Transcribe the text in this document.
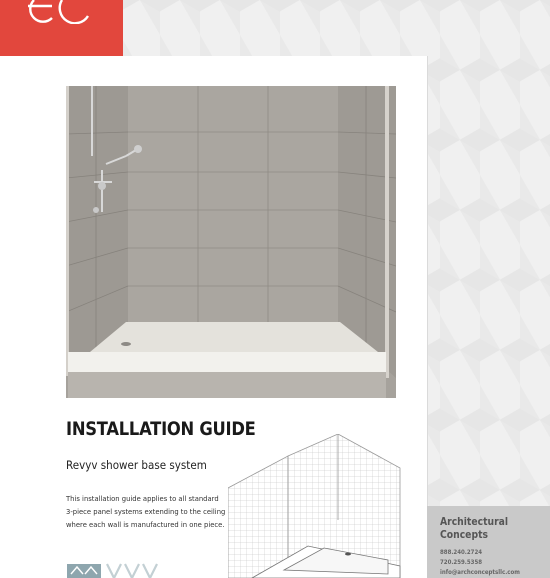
INSTALLATION GUIDE
Revyv shower base system
This installation guide applies to all standard
3-piece panel systems extending to the ceiling
where each wall is manufactured in one piece.	Architectural
Concepts
888.240.2724
720.259.5358
info@archconceptsllc.com
